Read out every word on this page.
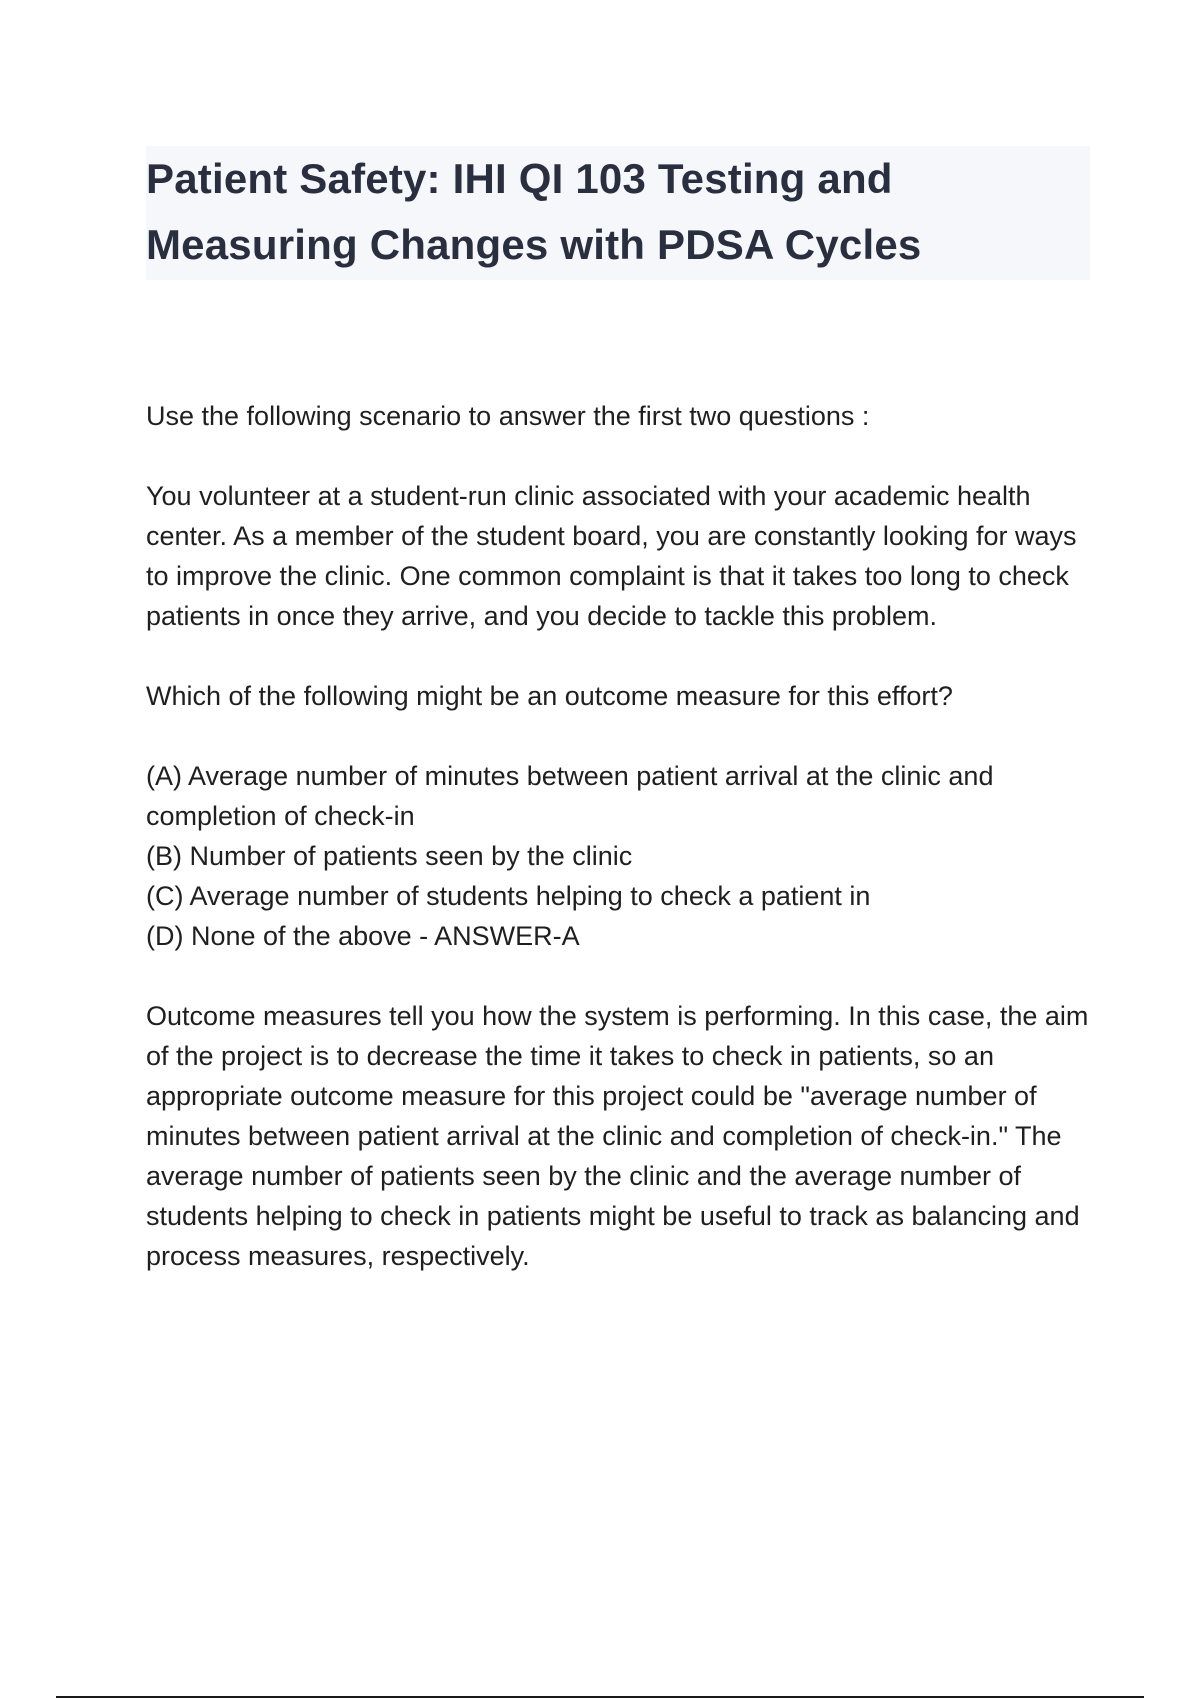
Patient Safety: IHI QI 103 Testing and
Measuring Changes with PDSA Cycles

Use the following scenario to answer the first two questions :

You volunteer at a student-run clinic associated with your academic health center. As a member of the student board, you are constantly looking for ways to improve the clinic. One common complaint is that it takes too long to check patients in once they arrive, and you decide to tackle this problem.

Which of the following might be an outcome measure for this effort?

(A) Average number of minutes between patient arrival at the clinic and completion of check-in

(B) Number of patients seen by the clinic

(C) Average number of students helping to check a patient in

(D) None of the above - ANSWER-A

Outcome measures tell you how the system is performing. In this case, the aim of the project is to decrease the time it takes to check in patients, so an appropriate outcome measure for this project could be "average number of minutes between patient arrival at the clinic and completion of check-in." The average number of patients seen by the clinic and the average number of students helping to check in patients might be useful to track as balancing and process measures, respectively.
